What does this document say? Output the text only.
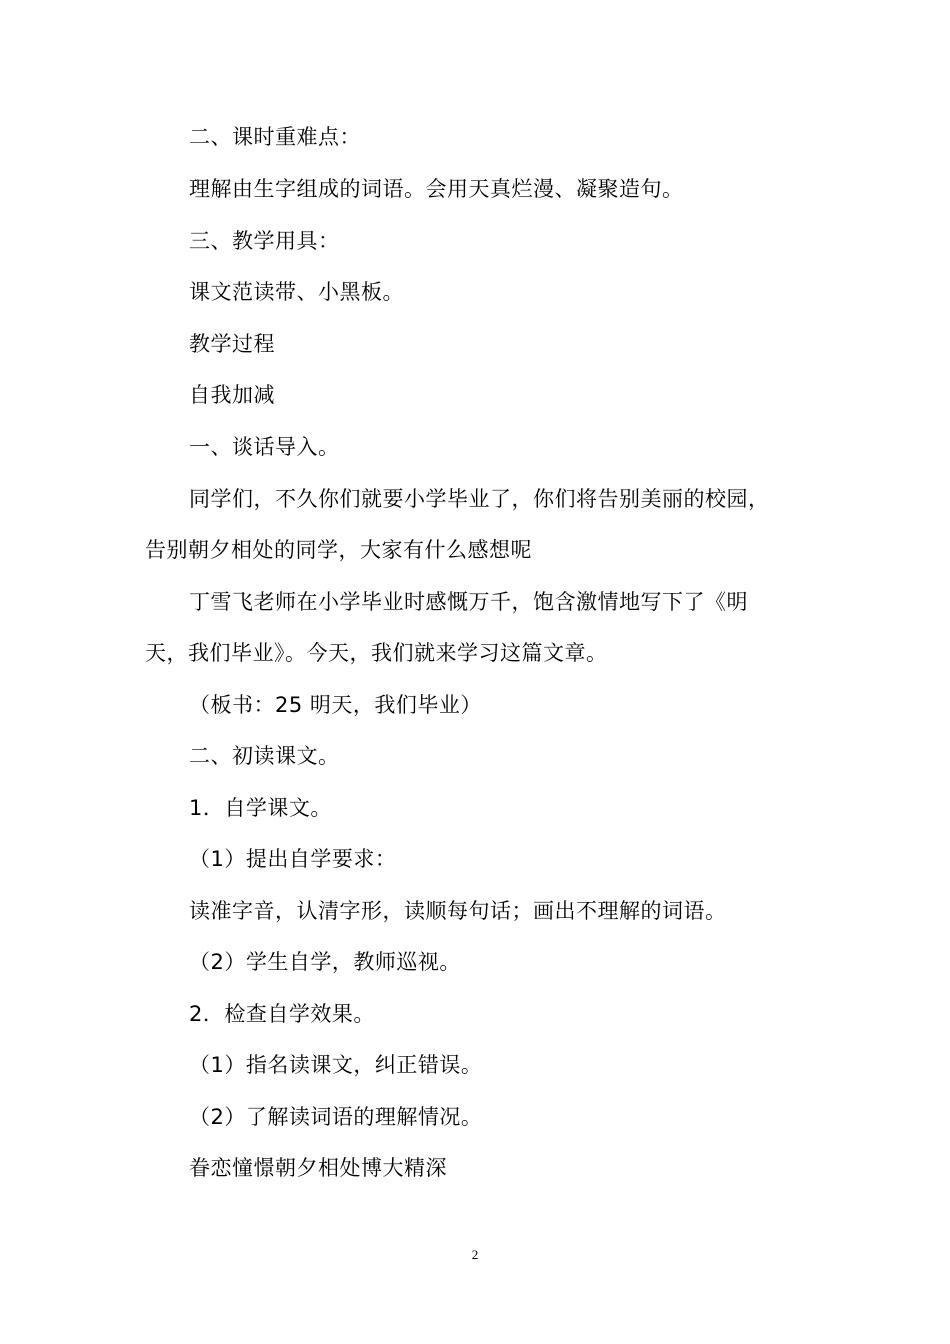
二、课时重难点：
理解由生字组成的词语。会用天真烂漫、凝聚造句。
三、教学用具：
课文范读带、小黑板。
教学过程
自我加减
一、谈话导入。
同学们，不久你们就要小学毕业了，你们将告别美丽的校园，
告别朝夕相处的同学，大家有什么感想呢
丁雪飞老师在小学毕业时感慨万千，饱含激情地写下了《明
天，我们毕业》。今天，我们就来学习这篇文章。
（板书：25 明天，我们毕业）
二、初读课文。
1．自学课文。
（1）提出自学要求：
读准字音，认清字形，读顺每句话；画出不理解的词语。
（2）学生自学，教师巡视。
2．检查自学效果。
（1）指名读课文，纠正错误。
（2）了解读词语的理解情况。
眷恋憧憬朝夕相处博大精深
2
